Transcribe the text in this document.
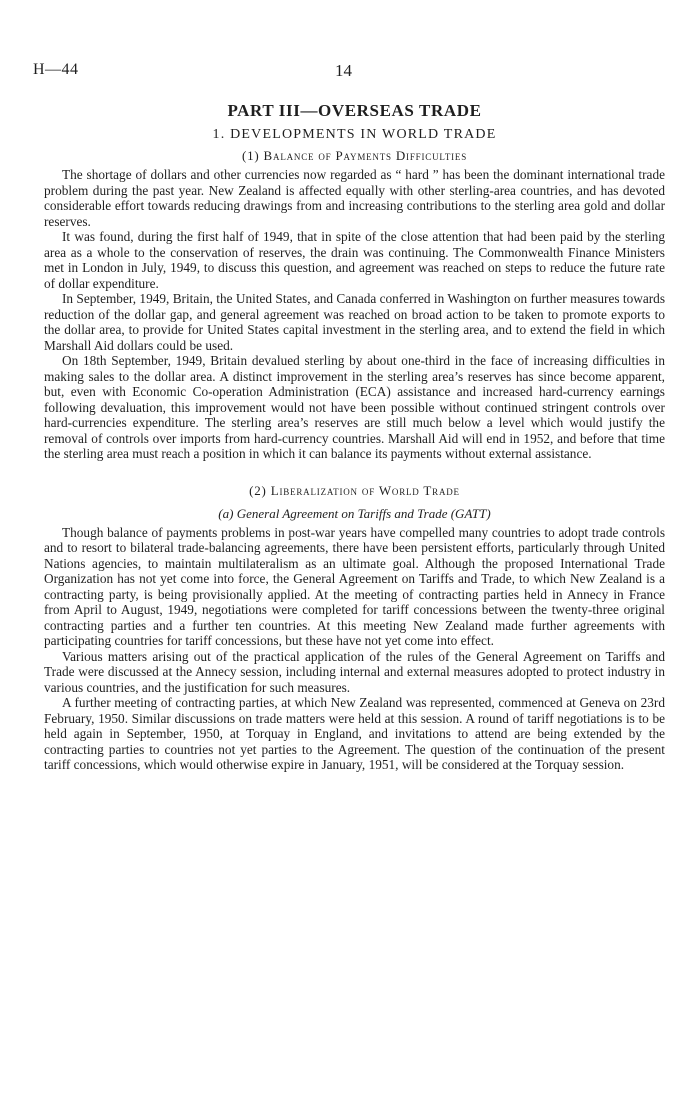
H—44	14
PART III—OVERSEAS TRADE
1. DEVELOPMENTS IN WORLD TRADE
(1) Balance of Payments Difficulties

The shortage of dollars and other currencies now regarded as “ hard ” has been the dominant international trade problem during the past year. New Zealand is affected equally with other sterling-area countries, and has devoted considerable effort towards reducing drawings from and increasing contributions to the sterling area gold and dollar reserves.

It was found, during the first half of 1949, that in spite of the close attention that had been paid by the sterling area as a whole to the conservation of reserves, the drain was continuing. The Commonwealth Finance Ministers met in London in July, 1949, to discuss this question, and agreement was reached on steps to reduce the future rate of dollar expenditure.

In September, 1949, Britain, the United States, and Canada conferred in Washington on further measures towards reduction of the dollar gap, and general agreement was reached on broad action to be taken to promote exports to the dollar area, to provide for United States capital investment in the sterling area, and to extend the field in which Marshall Aid dollars could be used.

On 18th September, 1949, Britain devalued sterling by about one-third in the face of increasing difficulties in making sales to the dollar area. A distinct improvement in the sterling area’s reserves has since become apparent, but, even with Economic Co-operation Administration (ECA) assistance and increased hard-currency earnings following devaluation, this improvement would not have been possible without continued stringent controls over hard-currencies expenditure. The sterling area’s reserves are still much below a level which would justify the removal of controls over imports from hard-currency countries. Marshall Aid will end in 1952, and before that time the sterling area must reach a position in which it can balance its payments without external assistance.

(2) Liberalization of World Trade
(a) General Agreement on Tariffs and Trade (GATT)

Though balance of payments problems in post-war years have compelled many countries to adopt trade controls and to resort to bilateral trade-balancing agreements, there have been persistent efforts, particularly through United Nations agencies, to maintain multilateralism as an ultimate goal. Although the proposed International Trade Organization has not yet come into force, the General Agreement on Tariffs and Trade, to which New Zealand is a contracting party, is being provisionally applied. At the meeting of contracting parties held in Annecy in France from April to August, 1949, negotiations were completed for tariff concessions between the twenty-three original contracting parties and a further ten countries. At this meeting New Zealand made further agreements with participating countries for tariff concessions, but these have not yet come into effect.

Various matters arising out of the practical application of the rules of the General Agreement on Tariffs and Trade were discussed at the Annecy session, including internal and external measures adopted to protect industry in various countries, and the justification for such measures.

A further meeting of contracting parties, at which New Zealand was represented, commenced at Geneva on 23rd February, 1950. Similar discussions on trade matters were held at this session. A round of tariff negotiations is to be held again in September, 1950, at Torquay in England, and invitations to attend are being extended by the contracting parties to countries not yet parties to the Agreement. The question of the continuation of the present tariff concessions, which would otherwise expire in January, 1951, will be considered at the Torquay session.
